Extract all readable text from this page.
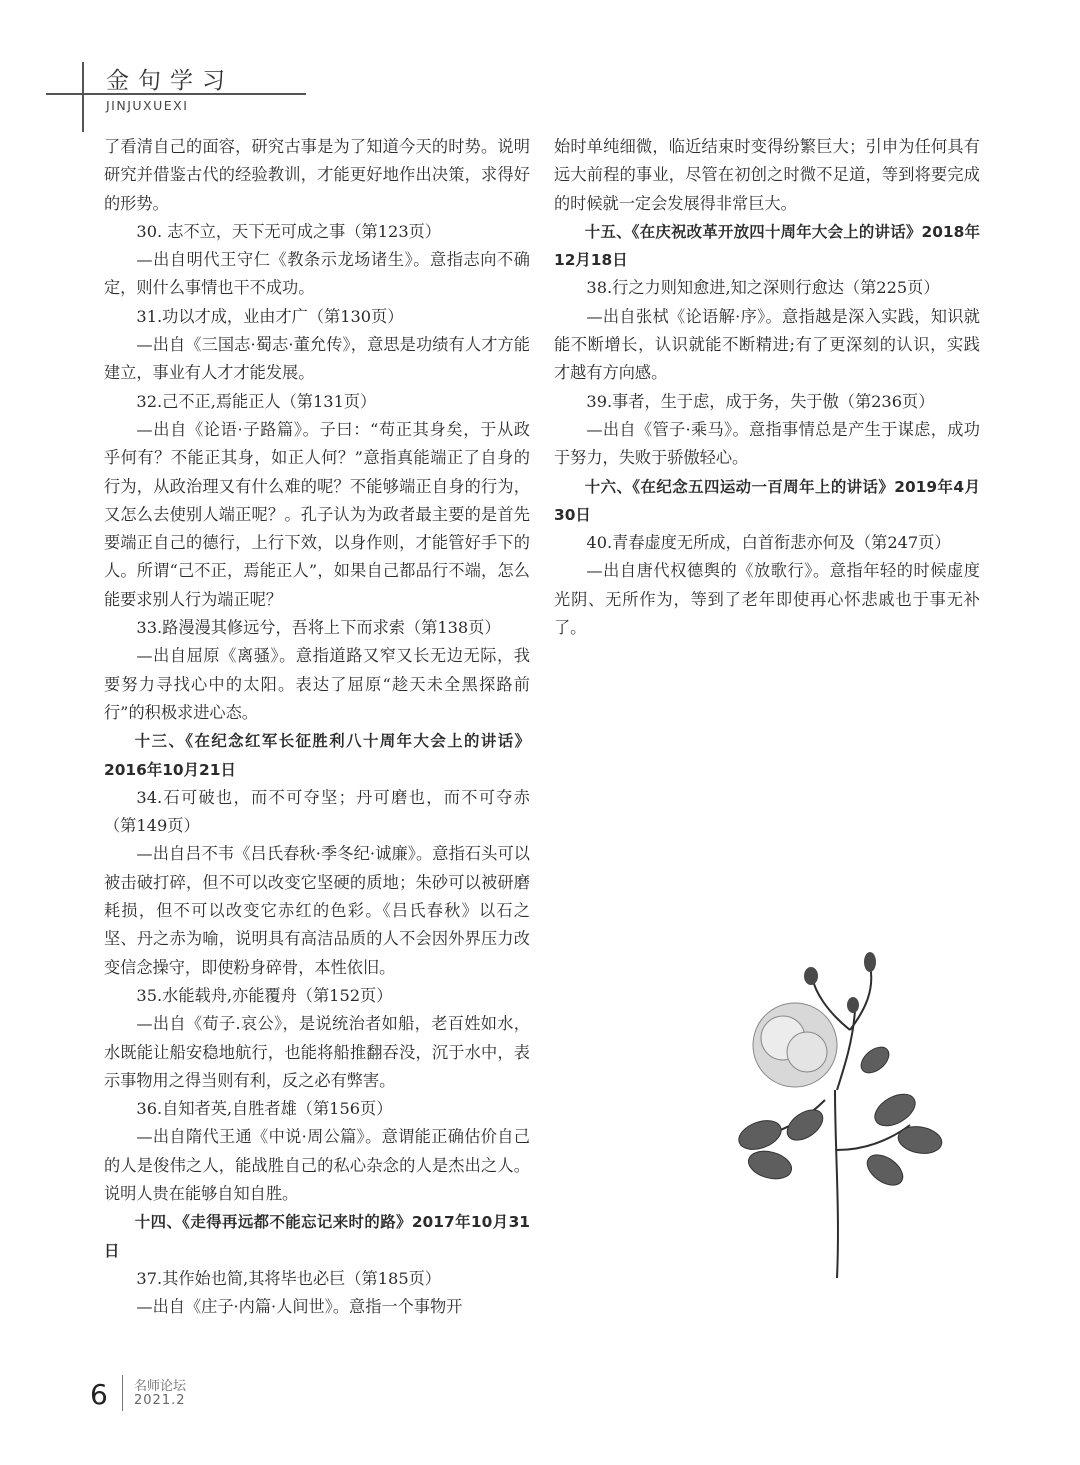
金句学习
JINJUXUEXI

了看清自己的面容，研究古事是为了知道今天的时势。说明研究并借鉴古代的经验教训，才能更好地作出决策，求得好的形势。

30. 志不立，天下无可成之事（第123页）

—出自明代王守仁《教条示龙场诸生》。意指志向不确定，则什么事情也干不成功。

31.功以才成，业由才广（第130页）

—出自《三国志·蜀志·董允传》，意思是功绩有人才方能建立，事业有人才才能发展。

32.己不正,焉能正人（第131页）

—出自《论语·子路篇》。子曰：“苟正其身矣，于从政乎何有？不能正其身，如正人何？”意指真能端正了自身的行为，从政治理又有什么难的呢？不能够端正自身的行为，又怎么去使别人端正呢？。孔子认为为政者最主要的是首先要端正自己的德行，上行下效，以身作则，才能管好手下的人。所谓“己不正，焉能正人”，如果自己都品行不端，怎么能要求别人行为端正呢？

33.路漫漫其修远兮，吾将上下而求索（第138页）

—出自屈原《离骚》。意指道路又窄又长无边无际，我要努力寻找心中的太阳。表达了屈原“趁天未全黑探路前行”的积极求进心态。

十三、《在纪念红军长征胜利八十周年大会上的讲话》2016年10月21日

34.石可破也，而不可夺坚；丹可磨也，而不可夺赤（第149页）

—出自吕不韦《吕氏春秋·季冬纪·诚廉》。意指石头可以被击破打碎，但不可以改变它坚硬的质地；朱砂可以被研磨耗损，但不可以改变它赤红的色彩。《吕氏春秋》以石之坚、丹之赤为喻，说明具有高洁品质的人不会因外界压力改变信念操守，即使粉身碎骨，本性依旧。

35.水能载舟,亦能覆舟（第152页）

—出自《荀子.哀公》，是说统治者如船，老百姓如水，水既能让船安稳地航行，也能将船推翻吞没，沉于水中，表示事物用之得当则有利，反之必有弊害。

36.自知者英,自胜者雄（第156页）

—出自隋代王通《中说·周公篇》。意谓能正确估价自己的人是俊伟之人，能战胜自己的私心杂念的人是杰出之人。说明人贵在能够自知自胜。

十四、《走得再远都不能忘记来时的路》2017年10月31日

37.其作始也简,其将毕也必巨（第185页）

—出自《庄子·内篇·人间世》。意指一个事物开

始时单纯细微，临近结束时变得纷繁巨大；引申为任何具有远大前程的事业，尽管在初创之时微不足道，等到将要完成的时候就一定会发展得非常巨大。

十五、《在庆祝改革开放四十周年大会上的讲话》2018年12月18日

38.行之力则知愈进,知之深则行愈达（第225页）

—出自张栻《论语解·序》。意指越是深入实践，知识就能不断增长，认识就能不断精进;有了更深刻的认识，实践才越有方向感。

39.事者，生于虑，成于务，失于傲（第236页）

—出自《管子·乘马》。意指事情总是产生于谋虑，成功于努力，失败于骄傲轻心。

十六、《在纪念五四运动一百周年上的讲话》2019年4月30日

40.青春虚度无所成，白首衔悲亦何及（第247页）

—出自唐代权德舆的《放歌行》。意指年轻的时候虚度光阴、无所作为，等到了老年即使再心怀悲戚也于事无补了。

6 名师论坛
2021.2
